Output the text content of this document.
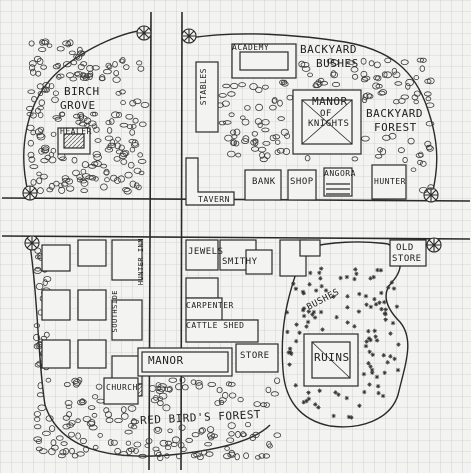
BIRCH
GROVE
HEALER
ACADEMY	BACKYARD
BUSHES
STABLES	MANOR
OF
KNIGHTS
BACKYARD
FOREST
TAVERN
BANK SHOP
ANGORA
HUNTER
JEWELS
SMITHY
HUNTER INN
SOUTHSIDE	CARPENTER
CATTLE SHED
OLD
STORE
BUSHES
MANOR	STORE	RUINS
CHURCH
RED BIRD'S FOREST
